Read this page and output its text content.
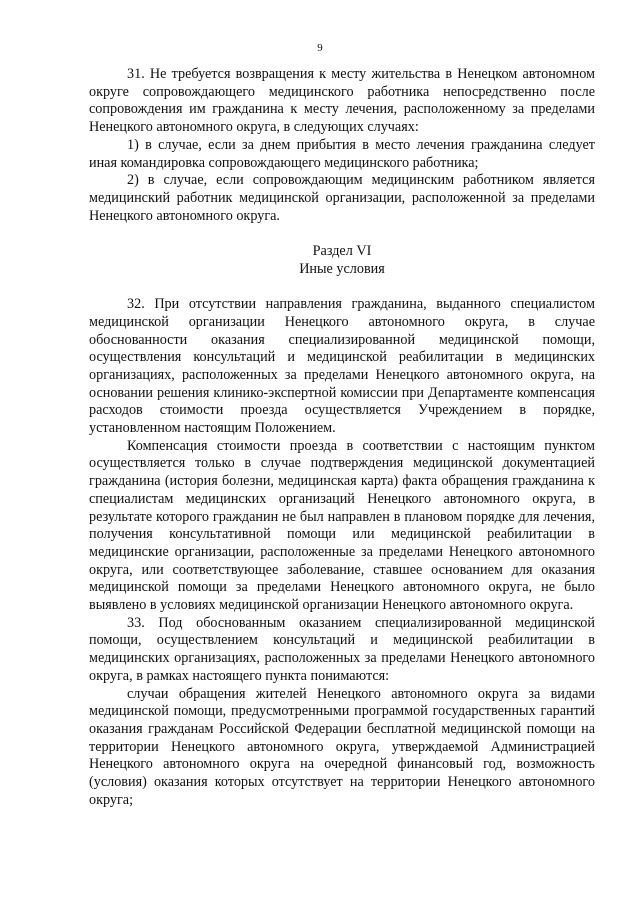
9

31. Не требуется возвращения к месту жительства в Ненецком автономном округе сопровождающего медицинского работника непосредственно после сопровождения им гражданина к месту лечения, расположенному за пределами Ненецкого автономного округа, в следующих случаях:

1) в случае, если за днем прибытия в место лечения гражданина следует иная командировка сопровождающего медицинского работника;

2) в случае, если сопровождающим медицинским работником является медицинский работник медицинской организации, расположенной за пределами Ненецкого автономного округа.

Раздел VI

Иные условия

32. При отсутствии направления гражданина, выданного специалистом медицинской организации Ненецкого автономного округа, в случае обоснованности оказания специализированной медицинской помощи, осуществления консультаций и медицинской реабилитации в медицинских организациях, расположенных за пределами Ненецкого автономного округа, на основании решения клинико-экспертной комиссии при Департаменте компенсация расходов стоимости проезда осуществляется Учреждением в порядке, установленном настоящим Положением.

Компенсация стоимости проезда в соответствии с настоящим пунктом осуществляется только в случае подтверждения медицинской документацией гражданина (история болезни, медицинская карта) факта обращения гражданина к специалистам медицинских организаций Ненецкого автономного округа, в результате которого гражданин не был направлен в плановом порядке для лечения, получения консультативной помощи или медицинской реабилитации в медицинские организации, расположенные за пределами Ненецкого автономного округа, или соответствующее заболевание, ставшее основанием для оказания медицинской помощи за пределами Ненецкого автономного округа, не было выявлено в условиях медицинской организации Ненецкого автономного округа.

33. Под обоснованным оказанием специализированной медицинской помощи, осуществлением консультаций и медицинской реабилитации в медицинских организациях, расположенных за пределами Ненецкого автономного округа, в рамках настоящего пункта понимаются:

случаи обращения жителей Ненецкого автономного округа за видами медицинской помощи, предусмотренными программой государственных гарантий оказания гражданам Российской Федерации бесплатной медицинской помощи на территории Ненецкого автономного округа, утверждаемой Администрацией Ненецкого автономного округа на очередной финансовый год, возможность (условия) оказания которых отсутствует на территории Ненецкого автономного округа;
